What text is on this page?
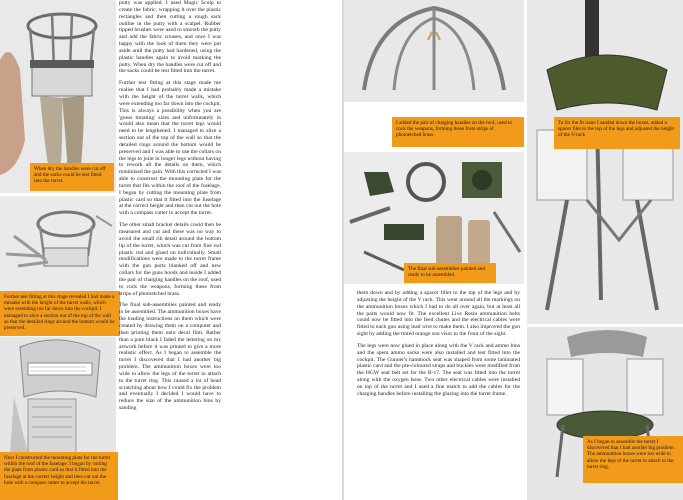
When dry the handles were cut off and the sacks could be test fitted into the turret.
Further test fitting at this stage revealed I had made a mistake with the height of the turret walls, which were extending too far down into the cockpit. I managed to slice a section out of the top of the wall so that the detailed rings around the bottom would be preserved.
Next I constructed the mounting plate for the turret within the roof of the fuselage. I began by cutting the plate from plastic card so that it fitted into the fuselage at the correct height and then cut out the hole with a compass cutter to accept the turret.

putty was applied. I used Magic Sculp to create the fabric, wrapping it over the plastic rectangles and then cutting a rough sack outline in the putty with a scalpel. Rubber tipped brushes were used to smooth the putty and add the fabric creases, and once I was happy with the look of them they were put aside until the putty had hardened, using the plastic handles again to avoid marking the putty. When dry the handles were cut off and the sacks could be test fitted into the turret.

Further test fitting at this stage made me realise that I had probably made a mistake with the height of the turret walls, which were extending too far down into the cockpit. This is always a possibility when you are 'guess timating' sizes and unfortunately in would also mean that the turret legs would need to be lengthened. I managed to slice a section out of the top of the wall so that the detailed rings around the bottom would be preserved and I was able to use the collars on the legs to joint in longer legs without having to rework all the details on them, which minimised the pain. With this corrected I was able to construct the mounting plate for the turret that fits within the roof of the fuselage. I began by cutting the mounting plate from plastic card so that it fitted into the fuselage at the correct height and then cut out the hole with a compass cutter to accept the turret.

The other small bracket details could then be measured and cut and there was no way to avoid the small rib detail around the bottom lip of the turret, which was cut from fine rod plastic rod and glued on individually. Small modifications were made to the turret frame with the gun ports blanked off and new collars for the guns hoods and inside I added the pair of charging handles on the roof, used to cock the weapons, forming these from strips of photoetched brass.

The final sub-assemblies painted and ready to be assembled. The ammunition boxes have the loading instructions on them which were created by drawing them on a computer and then printing them onto decal film. Rather than a pure black I faded the lettering on my artwork before it was printed to give a more realistic effect. As I began to assemble the turret I discovered that I had another big problem. The ammunition boxes were too wide to allow the legs of the turret to attach to the turret ring. This caused a lot of head scratching about how I could fix the problem and eventually I decided I would have to reduce the size of the ammunition bins by sanding

I added the pair of charging handles on the roof, used to cock the weapons, forming these from strips of photoetched brass.
The final sub-assemblies painted and ready to be assembled.

them down and by adding a spacer fillet to the top of the legs and by adjusting the height of the V rack. This went around all the markings on the ammunition boxes which I had to do all over again, but at least all the parts would now fit. The excellent Live Resin ammunition belts could now be fitted into the feed chutes and the electrical cables were fitted to each gun using lead wire to make them. I also improved the gun sight by adding the tinted orange sun visor to the front of the sight.

The legs were now glued in place along with the V rack and ammo bins and the spent ammo sacks were also installed and test fitted into the cockpit. The Gunner's hammock seat was shaped from some laminated plastic card and the pre-coloured straps and buckles were modified from the HGW seat belt set for the B-17. The seat was fitted into the turret along with the oxygen hose. Two other electrical cables were installed on top of the turret and I used a fine match to add the cables for the charging handles before installing the glazing into the turret frame.

To fix the fit issue I sanded down the boxes, added a spacer filet to the top of the legs and adjusted the height of the V-rack
As I began to assemble the turret I discovered that I had another big problem. The ammunition boxes were too wide to allow the legs of the turret to attach to the turret ring.
